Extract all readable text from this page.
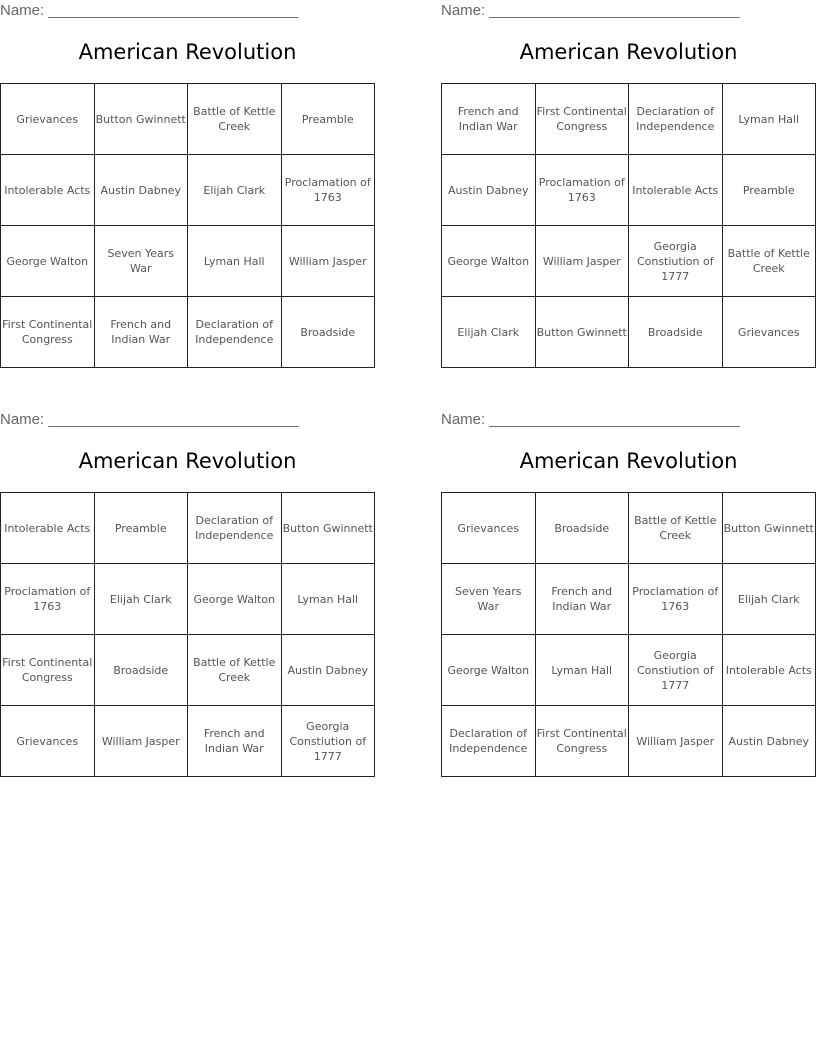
Name: ______________________________
American Revolution
Grievances	Button Gwinnett	Battle of Kettle Creek	Preamble
Intolerable Acts	Austin Dabney	Elijah Clark	Proclamation of 1763
George Walton	Seven Years War	Lyman Hall	William Jasper
First Continental Congress	French and Indian War	Declaration of Independence	Broadside
Name: ______________________________
American Revolution
French and Indian War	First Continental Congress	Declaration of Independence	Lyman Hall
Austin Dabney	Proclamation of 1763	Intolerable Acts	Preamble
George Walton	William Jasper	Georgia Constiution of 1777	Battle of Kettle Creek
Elijah Clark	Button Gwinnett	Broadside	Grievances
Name: ______________________________
American Revolution
Intolerable Acts	Preamble	Declaration of Independence	Button Gwinnett
Proclamation of 1763	Elijah Clark	George Walton	Lyman Hall
First Continental Congress	Broadside	Battle of Kettle Creek	Austin Dabney
Grievances	William Jasper	French and Indian War	Georgia Constiution of 1777
Name: ______________________________
American Revolution
Grievances	Broadside	Battle of Kettle Creek	Button Gwinnett
Seven Years War	French and Indian War	Proclamation of 1763	Elijah Clark
George Walton	Lyman Hall	Georgia Constiution of 1777	Intolerable Acts
Declaration of Independence	First Continental Congress	William Jasper	Austin Dabney
